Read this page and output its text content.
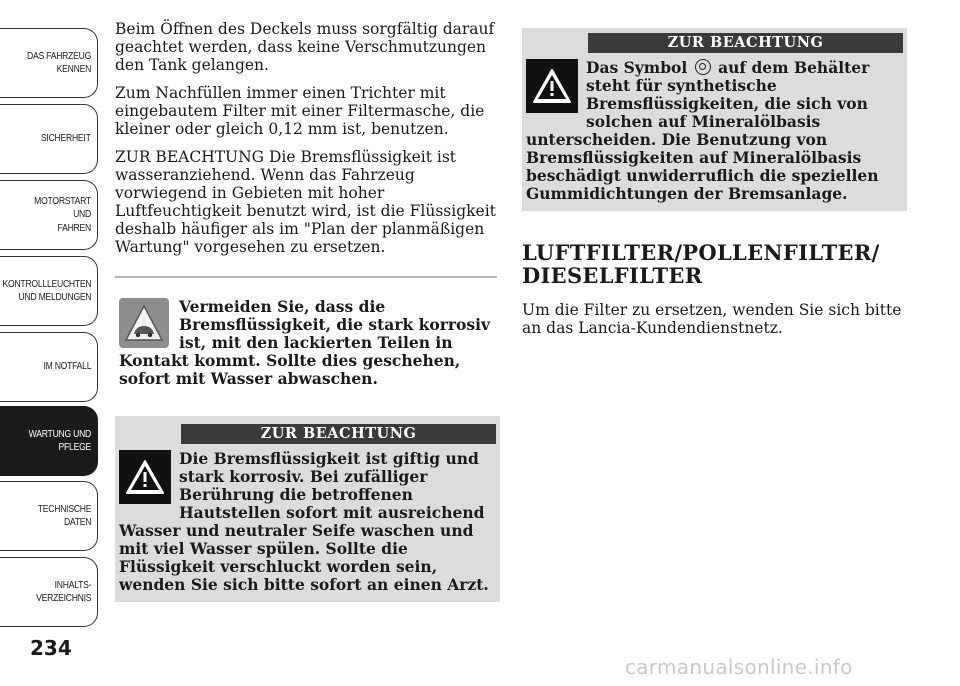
DAS FAHRZEUG
KENNEN
SICHERHEIT
MOTORSTART UND
FAHREN
KONTROLLLEUCHTEN
UND MELDUNGEN
IM NOTFALL
WARTUNG UND
PFLEGE
TECHNISCHE
DATEN
INHALTS-
VERZEICHNIS
234

Beim Öffnen des Deckels muss sorgfältig darauf geachtet werden, dass keine Verschmutzungen den Tank gelangen.

Zum Nachfüllen immer einen Trichter mit eingebautem Filter mit einer Filtermasche, die kleiner oder gleich 0,12 mm ist, benutzen.

ZUR BEACHTUNG Die Bremsflüssigkeit ist wasseranziehend. Wenn das Fahrzeug vorwiegend in Gebieten mit hoher Luftfeuchtigkeit benutzt wird, ist die Flüssigkeit deshalb häufiger als im "Plan der planmäßigen Wartung" vorgesehen zu ersetzen.

Vermeiden Sie, dass die Bremsflüssigkeit, die stark korrosiv ist, mit den lackierten Teilen in Kontakt kommt. Sollte dies geschehen, sofort mit Wasser abwaschen.
ZUR BEACHTUNG
Die Bremsflüssigkeit ist giftig und stark korrosiv. Bei zufälliger Berührung die betroffenen Hautstellen sofort mit ausreichend Wasser und neutraler Seife waschen und mit viel Wasser spülen. Sollte die Flüssigkeit verschluckt worden sein, wenden Sie sich bitte sofort an einen Arzt.
ZUR BEACHTUNG
Das Symbol auf dem Behälter steht für synthetische Bremsflüssigkeiten, die sich von solchen auf Mineralölbasis unterscheiden. Die Benutzung von Bremsflüssigkeiten auf Mineralölbasis beschädigt unwiderruflich die speziellen Gummidichtungen der Bremsanlage.
LUFTFILTER/POLLENFILTER/ DIESELFILTER

Um die Filter zu ersetzen, wenden Sie sich bitte an das Lancia-Kundendienstnetz.

carmanualsonline.info
